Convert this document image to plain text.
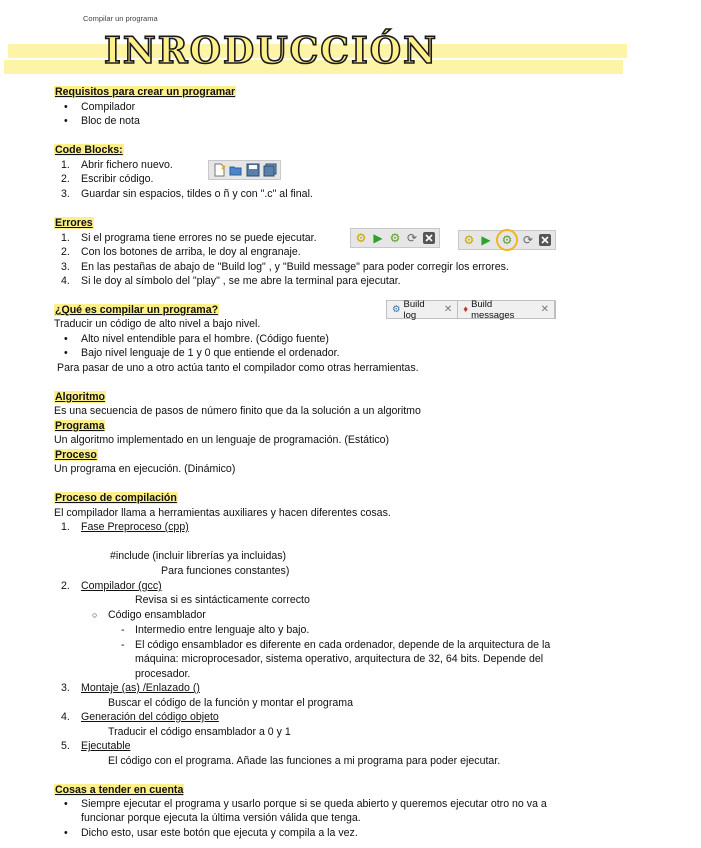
Compilar un programa
INRODUCCIÓN
Requisitos para crear un programar
• Compilador
• Bloc de nota
Code Blocks:
1. Abrir fichero nuevo.
2. Escribir código.
3. Guardar sin espacios, tildes o ñ y con ".c" al final.
Errores
1. Si el programa tiene errores no se puede ejecutar.
2. Con los botones de arriba, le doy al engranaje.
3. En las pestañas de abajo de "Build log" , y "Build message" para poder corregir los errores.
4. Si le doy al símbolo del "play" , se me abre la terminal para ejecutar.
⚙ ▶ ⚙ ⟳	⚙ ▶ ⚙ ⟳
⚙ Build log	✕ ♦ Build messages	✕
¿Qué es compilar un programa?
Traducir un código de alto nivel a bajo nivel.
• Alto nivel entendible para el hombre. (Código fuente)
• Bajo nivel lenguaje de 1 y 0 que entiende el ordenador.
Para pasar de uno a otro actúa tanto el compilador como otras herramientas.
Algoritmo
Es una secuencia de pasos de número finito que da la solución a un algoritmo
Programa
Un algoritmo implementado en un lenguaje de programación. (Estático)
Proceso
Un programa en ejecución. (Dinámico)
Proceso de compilación
El compilador llama a herramientas auxiliares y hacen diferentes cosas.
1. Fase Preproceso (cpp)
#include (incluir librerías ya incluidas)
Para funciones constantes)
2. Compilador (gcc)
Revisa si es sintácticamente correcto
○ Código ensamblador
- Intermedio entre lenguaje alto y bajo.
- El código ensamblador es diferente en cada ordenador, depende de la arquitectura de la
máquina: microprocesador, sistema operativo, arquitectura de 32, 64 bits. Depende del
procesador.
3. Montaje (as) /Enlazado ()
Buscar el código de la función y montar el programa
4. Generación del código objeto
Traducir el código ensamblador a 0 y 1
5. Ejecutable
El código con el programa. Añade las funciones a mi programa para poder ejecutar.
Cosas a tender en cuenta
• Siempre ejecutar el programa y usarlo porque si se queda abierto y queremos ejecutar otro no va a
funcionar porque ejecuta la última versión válida que tenga.
• Dicho esto, usar este botón que ejecuta y compila a la vez.
